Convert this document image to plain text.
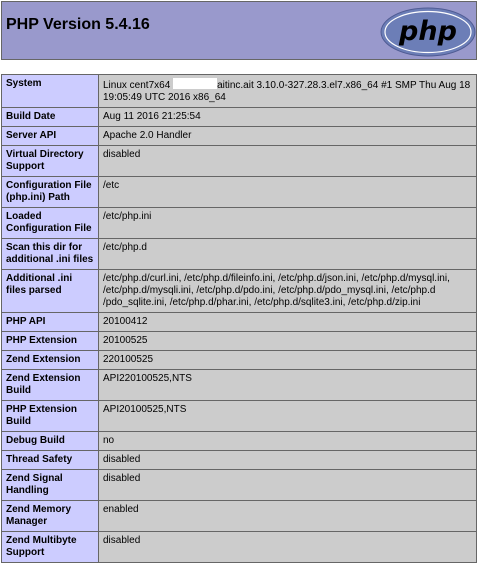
PHP Version 5.4.16	php
System	Linux cent7x64 aitinc.ait 3.10.0-327.28.3.el7.x86_64 #1 SMP Thu Aug 18 19:05:49 UTC 2016 x86_64
Build Date	Aug 11 2016 21:25:54
Server API	Apache 2.0 Handler
Virtual Directory Support	disabled
Configuration File (php.ini) Path	/etc
Loaded Configuration File	/etc/php.ini
Scan this dir for additional .ini files	/etc/php.d
Additional .ini files parsed	/etc/php.d/curl.ini, /etc/php.d/fileinfo.ini, /etc/php.d/json.ini, /etc/php.d/mysql.ini, /etc/php.d/mysqli.ini, /etc/php.d/pdo.ini, /etc/php.d/pdo_mysql.ini, /etc/php.d /pdo_sqlite.ini, /etc/php.d/phar.ini, /etc/php.d/sqlite3.ini, /etc/php.d/zip.ini
PHP API	20100412
PHP Extension	20100525
Zend Extension	220100525
Zend Extension Build	API220100525,NTS
PHP Extension Build	API20100525,NTS
Debug Build	no
Thread Safety	disabled
Zend Signal Handling	disabled
Zend Memory Manager	enabled
Zend Multibyte Support	disabled
